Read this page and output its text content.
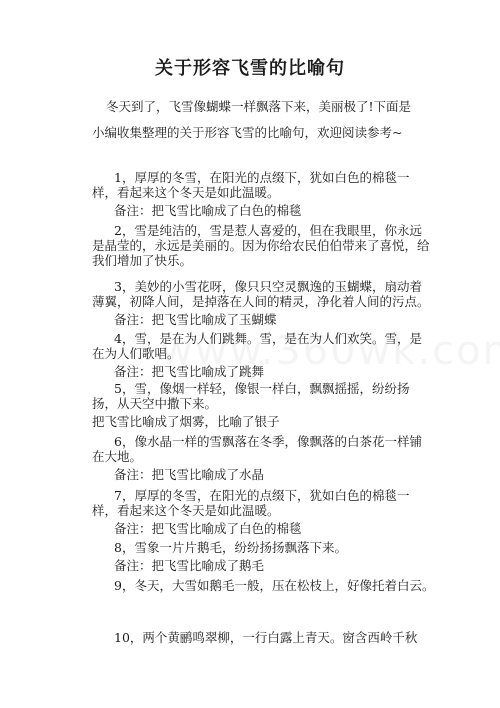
关于形容飞雪的比喻句

冬天到了，飞雪像蝴蝶一样飘落下来，美丽极了!下面是小编收集整理的关于形容飞雪的比喻句，欢迎阅读参考~

1，厚厚的冬雪，在阳光的点缀下，犹如白色的棉毯一样，看起来这个冬天是如此温暖。

备注：把飞雪比喻成了白色的棉毯

2，雪是纯洁的，雪是惹人喜爱的，但在我眼里，你永远是晶莹的，永远是美丽的。因为你给农民伯伯带来了喜悦，给我们增加了快乐。

3，美妙的小雪花呀，像只只空灵飘逸的玉蝴蝶，扇动着薄翼，初降人间，是掉落在人间的精灵，净化着人间的污点。

备注：把飞雪比喻成了玉蝴蝶

4，雪，是在为人们跳舞。雪，是在为人们欢笑。雪，是在为人们歌唱。

备注：把飞雪比喻成了跳舞

5，雪，像烟一样轻，像银一样白，飘飘摇摇，纷纷扬扬，从天空中撒下来。

把飞雪比喻成了烟雾，比喻了银子

6，像水晶一样的雪飘落在冬季，像飘落的白茶花一样铺在大地。

备注：把飞雪比喻成了水晶

7，厚厚的冬雪，在阳光的点缀下，犹如白色的棉毯一样，看起来这个冬天是如此温暖。

备注：把飞雪比喻成了白色的棉毯

8，雪象一片片鹅毛，纷纷扬扬飘落下来。

备注：把飞雪比喻成了鹅毛

9，冬天，大雪如鹅毛一般，压在松枝上，好像托着白云。

10，两个黄鹂鸣翠柳，一行白露上青天。窗含西岭千秋
